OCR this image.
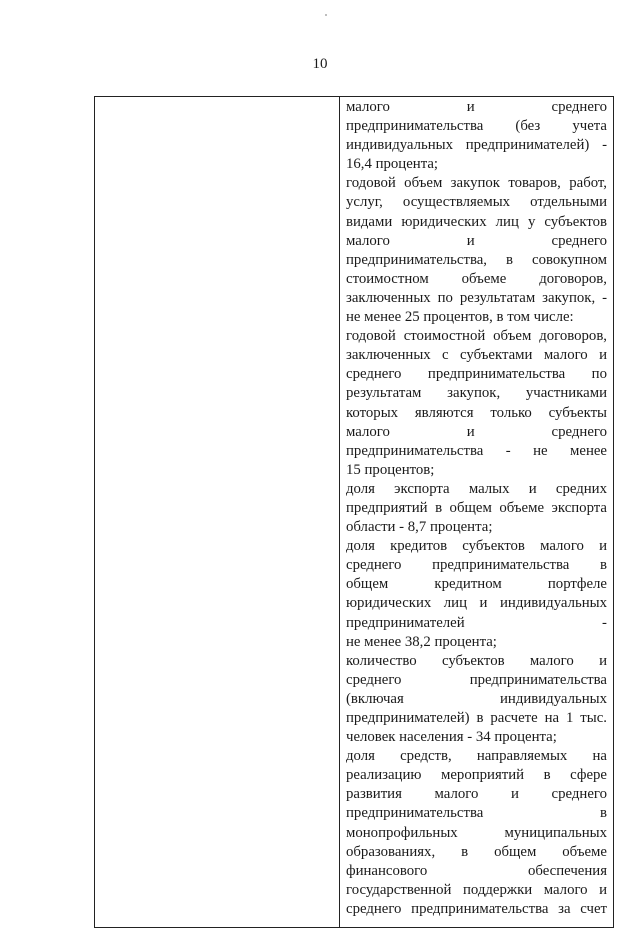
10
малого и среднего
предпринимательства (без учета
индивидуальных предпринимателей) -
16,4 процента;
годовой объем закупок товаров, работ,
услуг, осуществляемых отдельными
видами юридических лиц у субъектов
малого и среднего
предпринимательства, в совокупном
стоимостном объеме договоров,
заключенных по результатам закупок, -
не менее 25 процентов, в том числе:
годовой стоимостной объем договоров,
заключенных с субъектами малого и
среднего предпринимательства по
результатам закупок, участниками
которых являются только субъекты
малого и среднего
предпринимательства - не менее
15 процентов;
доля экспорта малых и средних
предприятий в общем объеме экспорта
области - 8,7 процента;
доля кредитов субъектов малого и
среднего предпринимательства в
общем кредитном портфеле
юридических лиц и индивидуальных
предпринимателей -
не менее 38,2 процента;
количество субъектов малого и
среднего предпринимательства
(включая индивидуальных
предпринимателей) в расчете на 1 тыс.
человек населения - 34 процента;
доля средств, направляемых на
реализацию мероприятий в сфере
развития малого и среднего
предпринимательства в
монопрофильных муниципальных
образованиях, в общем объеме
финансового обеспечения
государственной поддержки малого и
среднего предпринимательства за счет
